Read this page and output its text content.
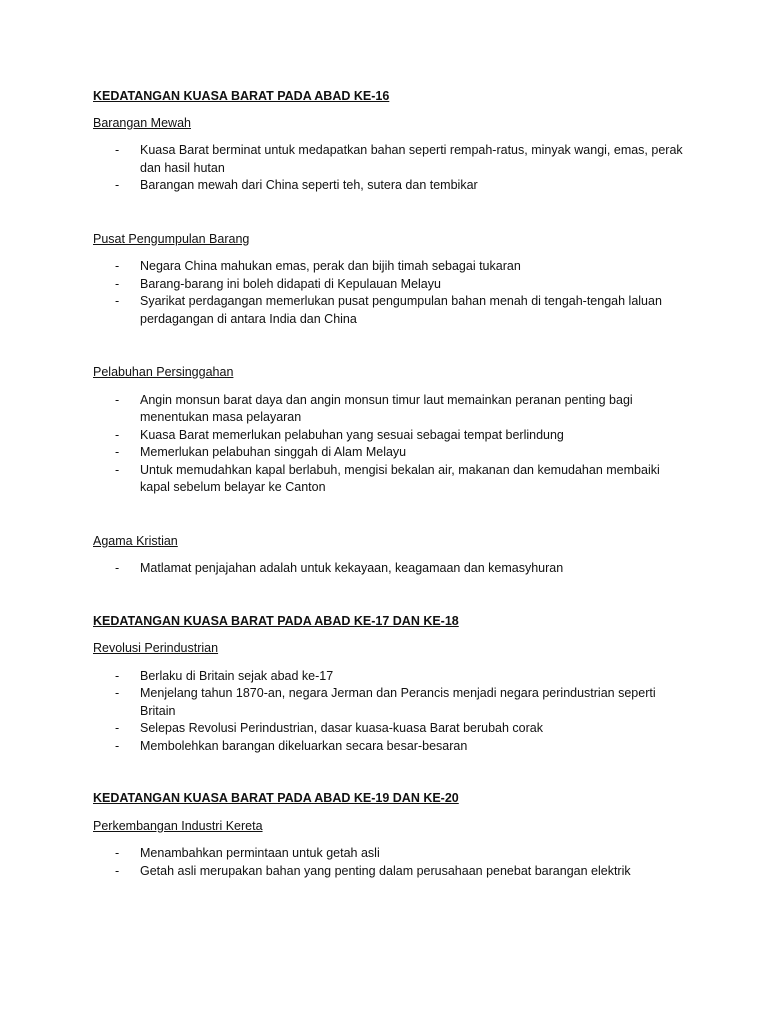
KEDATANGAN KUASA BARAT PADA ABAD KE-16
Barangan Mewah
- Kuasa Barat berminat untuk medapatkan bahan seperti rempah-ratus, minyak wangi, emas, perak dan hasil hutan
- Barangan mewah dari China seperti teh, sutera dan tembikar
Pusat Pengumpulan Barang
- Negara China mahukan emas, perak dan bijih timah sebagai tukaran
- Barang-barang ini boleh didapati di Kepulauan Melayu
- Syarikat perdagangan memerlukan pusat pengumpulan bahan menah di tengah-tengah laluan perdagangan di antara India dan China
Pelabuhan Persinggahan
- Angin monsun barat daya dan angin monsun timur laut memainkan peranan penting bagi menentukan masa pelayaran
- Kuasa Barat memerlukan pelabuhan yang sesuai sebagai tempat berlindung
- Memerlukan pelabuhan singgah di Alam Melayu
- Untuk memudahkan kapal berlabuh, mengisi bekalan air, makanan dan kemudahan membaiki kapal sebelum belayar ke Canton
Agama Kristian
- Matlamat penjajahan adalah untuk kekayaan, keagamaan dan kemasyhuran
KEDATANGAN KUASA BARAT PADA ABAD KE-17 DAN KE-18
Revolusi Perindustrian
- Berlaku di Britain sejak abad ke-17
- Menjelang tahun 1870-an, negara Jerman dan Perancis menjadi negara perindustrian seperti Britain
- Selepas Revolusi Perindustrian, dasar kuasa-kuasa Barat berubah corak
- Membolehkan barangan dikeluarkan secara besar-besaran
KEDATANGAN KUASA BARAT PADA ABAD KE-19 DAN KE-20
Perkembangan Industri Kereta
- Menambahkan permintaan untuk getah asli
- Getah asli merupakan bahan yang penting dalam perusahaan penebat barangan elektrik
